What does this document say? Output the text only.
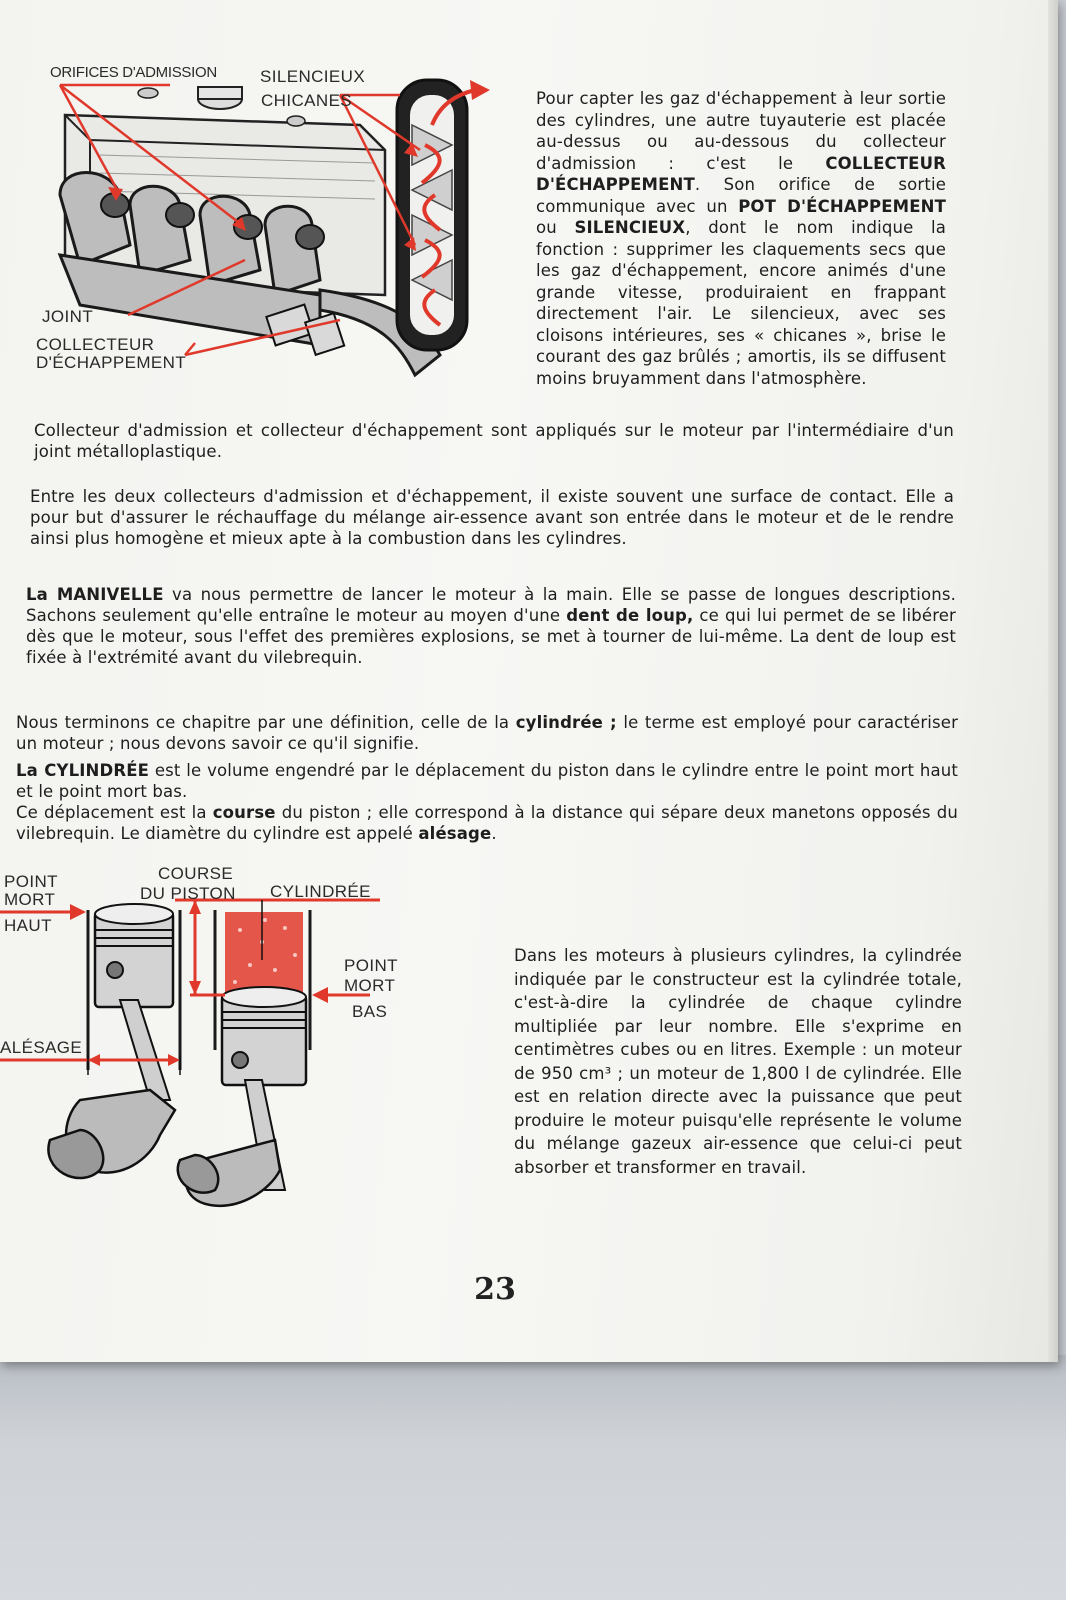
ORIFICES D'ADMISSION	SILENCIEUX
CHICANES
JOINT
COLLECTEUR
D'ÉCHAPPEMENT

Pour capter les gaz d'échappement à leur sortie des cylindres, une autre tuyauterie est placée au-dessus ou au-dessous du collecteur d'admission : c'est le COLLECTEUR D'ÉCHAPPEMENT. Son orifice de sortie communique avec un POT D'ÉCHAPPEMENT ou SILENCIEUX, dont le nom indique la fonction : supprimer les claquements secs que les gaz d'échappement, encore animés d'une grande vitesse, produiraient en frappant directement l'air. Le silencieux, avec ses cloisons intérieures, ses « chicanes », brise le courant des gaz brûlés ; amortis, ils se diffusent moins bruyamment dans l'atmosphère.

Collecteur d'admission et collecteur d'échappement sont appliqués sur le moteur par l'intermédiaire d'un joint métalloplastique.
Entre les deux collecteurs d'admission et d'échappement, il existe souvent une surface de contact. Elle a pour but d'assurer le réchauffage du mélange air-essence avant son entrée dans le moteur et de le rendre ainsi plus homogène et mieux apte à la combustion dans les cylindres.

La MANIVELLE va nous permettre de lancer le moteur à la main. Elle se passe de longues descriptions. Sachons seulement qu'elle entraîne le moteur au moyen d'une dent de loup, ce qui lui permet de se libérer dès que le moteur, sous l'effet des premières explosions, se met à tourner de lui-même. La dent de loup est fixée à l'extrémité avant du vilebrequin.

Nous terminons ce chapitre par une définition, celle de la cylindrée ; le terme est employé pour caractériser un moteur ; nous devons savoir ce qu'il signifie.

La CYLINDRÉE est le volume engendré par le déplacement du piston dans le cylindre entre le point mort haut et le point mort bas.

Ce déplacement est la course du piston ; elle correspond à la distance qui sépare deux manetons opposés du vilebrequin. Le diamètre du cylindre est appelé alésage.

POINT
MORT
HAUT
COURSE
DU PISTON CYLINDRÉE
POINT
MORT
BAS
ALÉSAGE
Dans les moteurs à plusieurs cylindres, la cylindrée indiquée par le constructeur est la cylindrée totale, c'est-à-dire la cylindrée de chaque cylindre multipliée par leur nombre. Elle s'exprime en centimètres cubes ou en litres. Exemple : un moteur de 950 cm³ ; un moteur de 1,800 l de cylindrée. Elle est en relation directe avec la puissance que peut produire le moteur puisqu'elle représente le volume du mélange gazeux air-essence que celui-ci peut absorber et transformer en travail.
23
